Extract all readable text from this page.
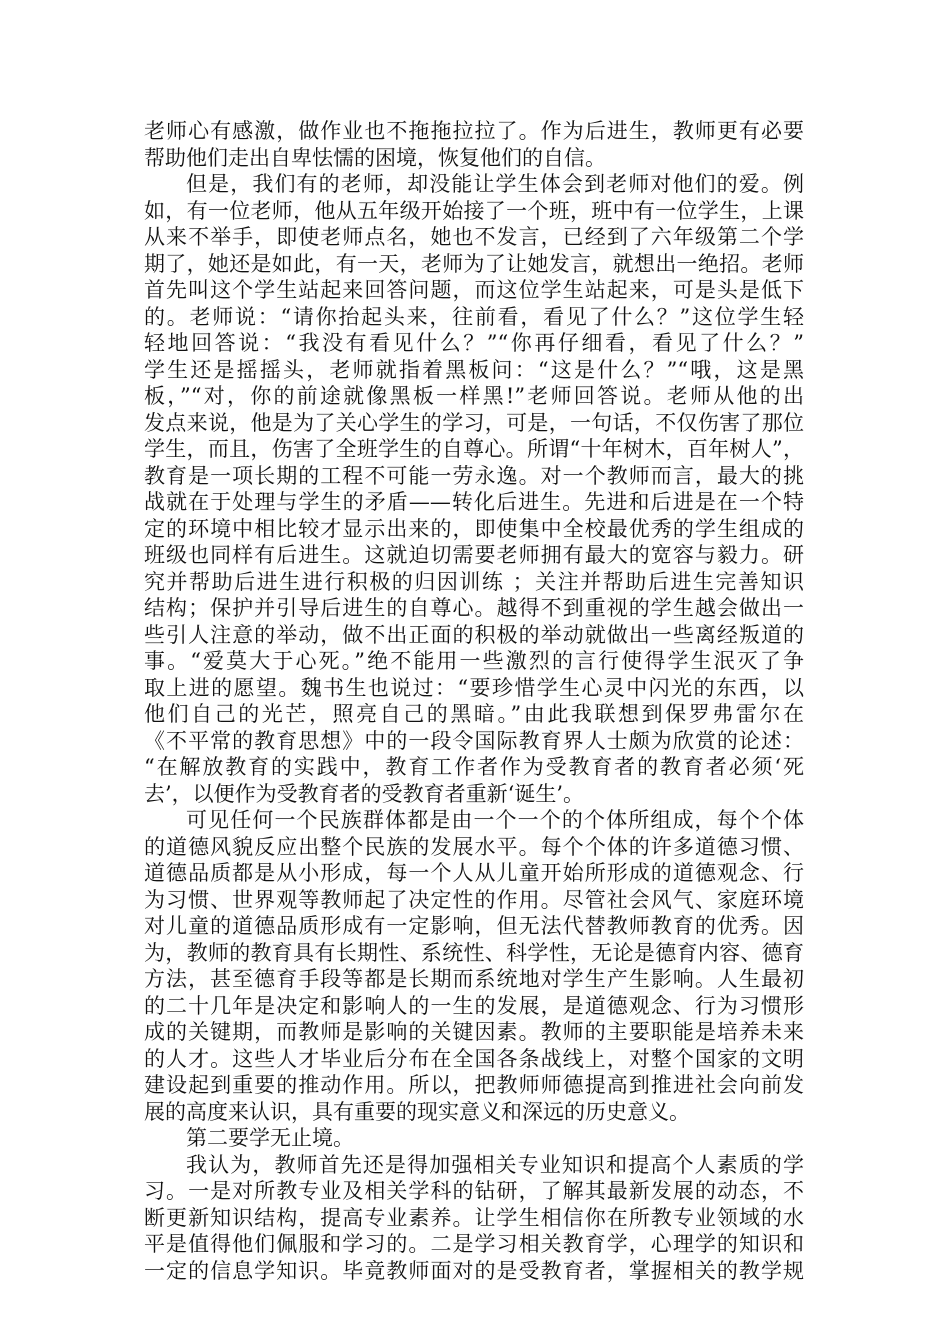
老师心有感激，做作业也不拖拖拉拉了。作为后进生，教师更有必要
帮助他们走出自卑怯懦的困境，恢复他们的自信。
但是，我们有的老师，却没能让学生体会到老师对他们的爱。例
如，有一位老师，他从五年级开始接了一个班，班中有一位学生，上课
从来不举手，即使老师点名，她也不发言，已经到了六年级第二个学
期了，她还是如此，有一天，老师为了让她发言，就想出一绝招。老师
首先叫这个学生站起来回答问题，而这位学生站起来，可是头是低下
的。老师说：“请你抬起头来，往前看，看见了什么？”这位学生轻
轻地回答说：“我没有看见什么？”“你再仔细看，看见了什么？”
学生还是摇摇头，老师就指着黑板问：“这是什么？”“哦，这是黑
板，”“对，你的前途就像黑板一样黑!”老师回答说。老师从他的出
发点来说，他是为了关心学生的学习，可是，一句话，不仅伤害了那位
学生，而且，伤害了全班学生的自尊心。所谓“十年树木，百年树人”，
教育是一项长期的工程不可能一劳永逸。对一个教师而言，最大的挑
战就在于处理与学生的矛盾——转化后进生。先进和后进是在一个特
定的环境中相比较才显示出来的，即使集中全校最优秀的学生组成的
班级也同样有后进生。这就迫切需要老师拥有最大的宽容与毅力。研
究并帮助后进生进行积极的归因训练 ；关注并帮助后进生完善知识
结构；保护并引导后进生的自尊心。越得不到重视的学生越会做出一
些引人注意的举动，做不出正面的积极的举动就做出一些离经叛道的
事。“爱莫大于心死。”绝不能用一些激烈的言行使得学生泯灭了争
取上进的愿望。魏书生也说过：“要珍惜学生心灵中闪光的东西，以
他们自己的光芒，照亮自己的黑暗。”由此我联想到保罗弗雷尔在
《不平常的教育思想》中的一段令国际教育界人士颇为欣赏的论述：
“在解放教育的实践中，教育工作者作为受教育者的教育者必须‘死
去’，以便作为受教育者的受教育者重新‘诞生’。
可见任何一个民族群体都是由一个一个的个体所组成，每个个体
的道德风貌反应出整个民族的发展水平。每个个体的许多道德习惯、
道德品质都是从小形成，每一个人从儿童开始所形成的道德观念、行
为习惯、世界观等教师起了决定性的作用。尽管社会风气、家庭环境
对儿童的道德品质形成有一定影响，但无法代替教师教育的优秀。因
为，教师的教育具有长期性、系统性、科学性，无论是德育内容、德育
方法，甚至德育手段等都是长期而系统地对学生产生影响。人生最初
的二十几年是决定和影响人的一生的发展，是道德观念、行为习惯形
成的关键期，而教师是影响的关键因素。教师的主要职能是培养未来
的人才。这些人才毕业后分布在全国各条战线上，对整个国家的文明
建设起到重要的推动作用。所以，把教师师德提高到推进社会向前发
展的高度来认识，具有重要的现实意义和深远的历史意义。
第二要学无止境。
我认为，教师首先还是得加强相关专业知识和提高个人素质的学
习。一是对所教专业及相关学科的钻研，了解其最新发展的动态，不
断更新知识结构，提高专业素养。让学生相信你在所教专业领域的水
平是值得他们佩服和学习的。二是学习相关教育学，心理学的知识和
一定的信息学知识。毕竟教师面对的是受教育者，掌握相关的教学规
